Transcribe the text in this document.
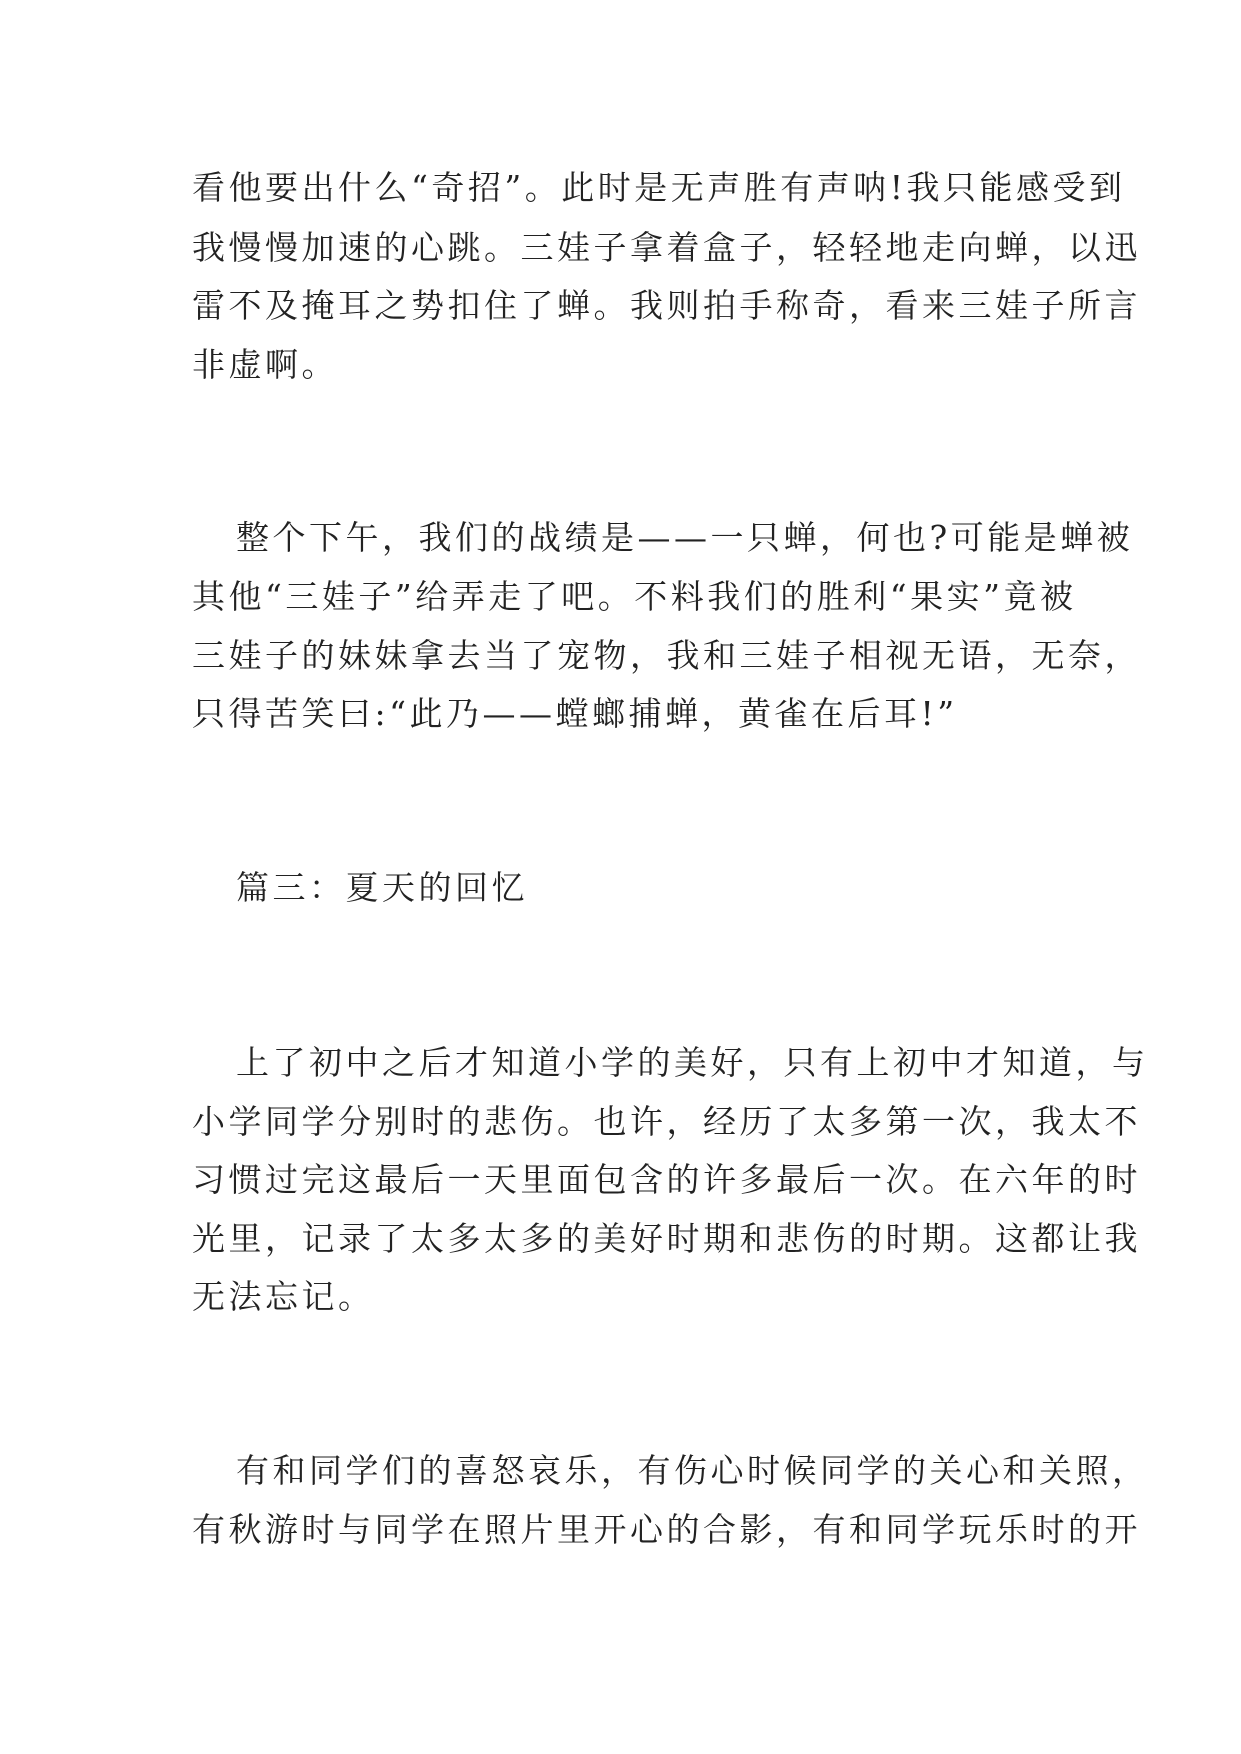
看他要出什么“奇招”。此时是无声胜有声呐!我只能感受到

我慢慢加速的心跳。三娃子拿着盒子，轻轻地走向蝉，以迅

雷不及掩耳之势扣住了蝉。我则拍手称奇，看来三娃子所言

非虚啊。

整个下午，我们的战绩是——一只蝉，何也?可能是蝉被

其他“三娃子”给弄走了吧。不料我们的胜利“果实”竟被

三娃子的妹妹拿去当了宠物，我和三娃子相视无语，无奈，

只得苦笑曰:“此乃——螳螂捕蝉，黄雀在后耳!”

篇三：夏天的回忆

上了初中之后才知道小学的美好，只有上初中才知道，与

小学同学分别时的悲伤。也许，经历了太多第一次，我太不

习惯过完这最后一天里面包含的许多最后一次。在六年的时

光里，记录了太多太多的美好时期和悲伤的时期。这都让我

无法忘记。

有和同学们的喜怒哀乐，有伤心时候同学的关心和关照，

有秋游时与同学在照片里开心的合影，有和同学玩乐时的开
